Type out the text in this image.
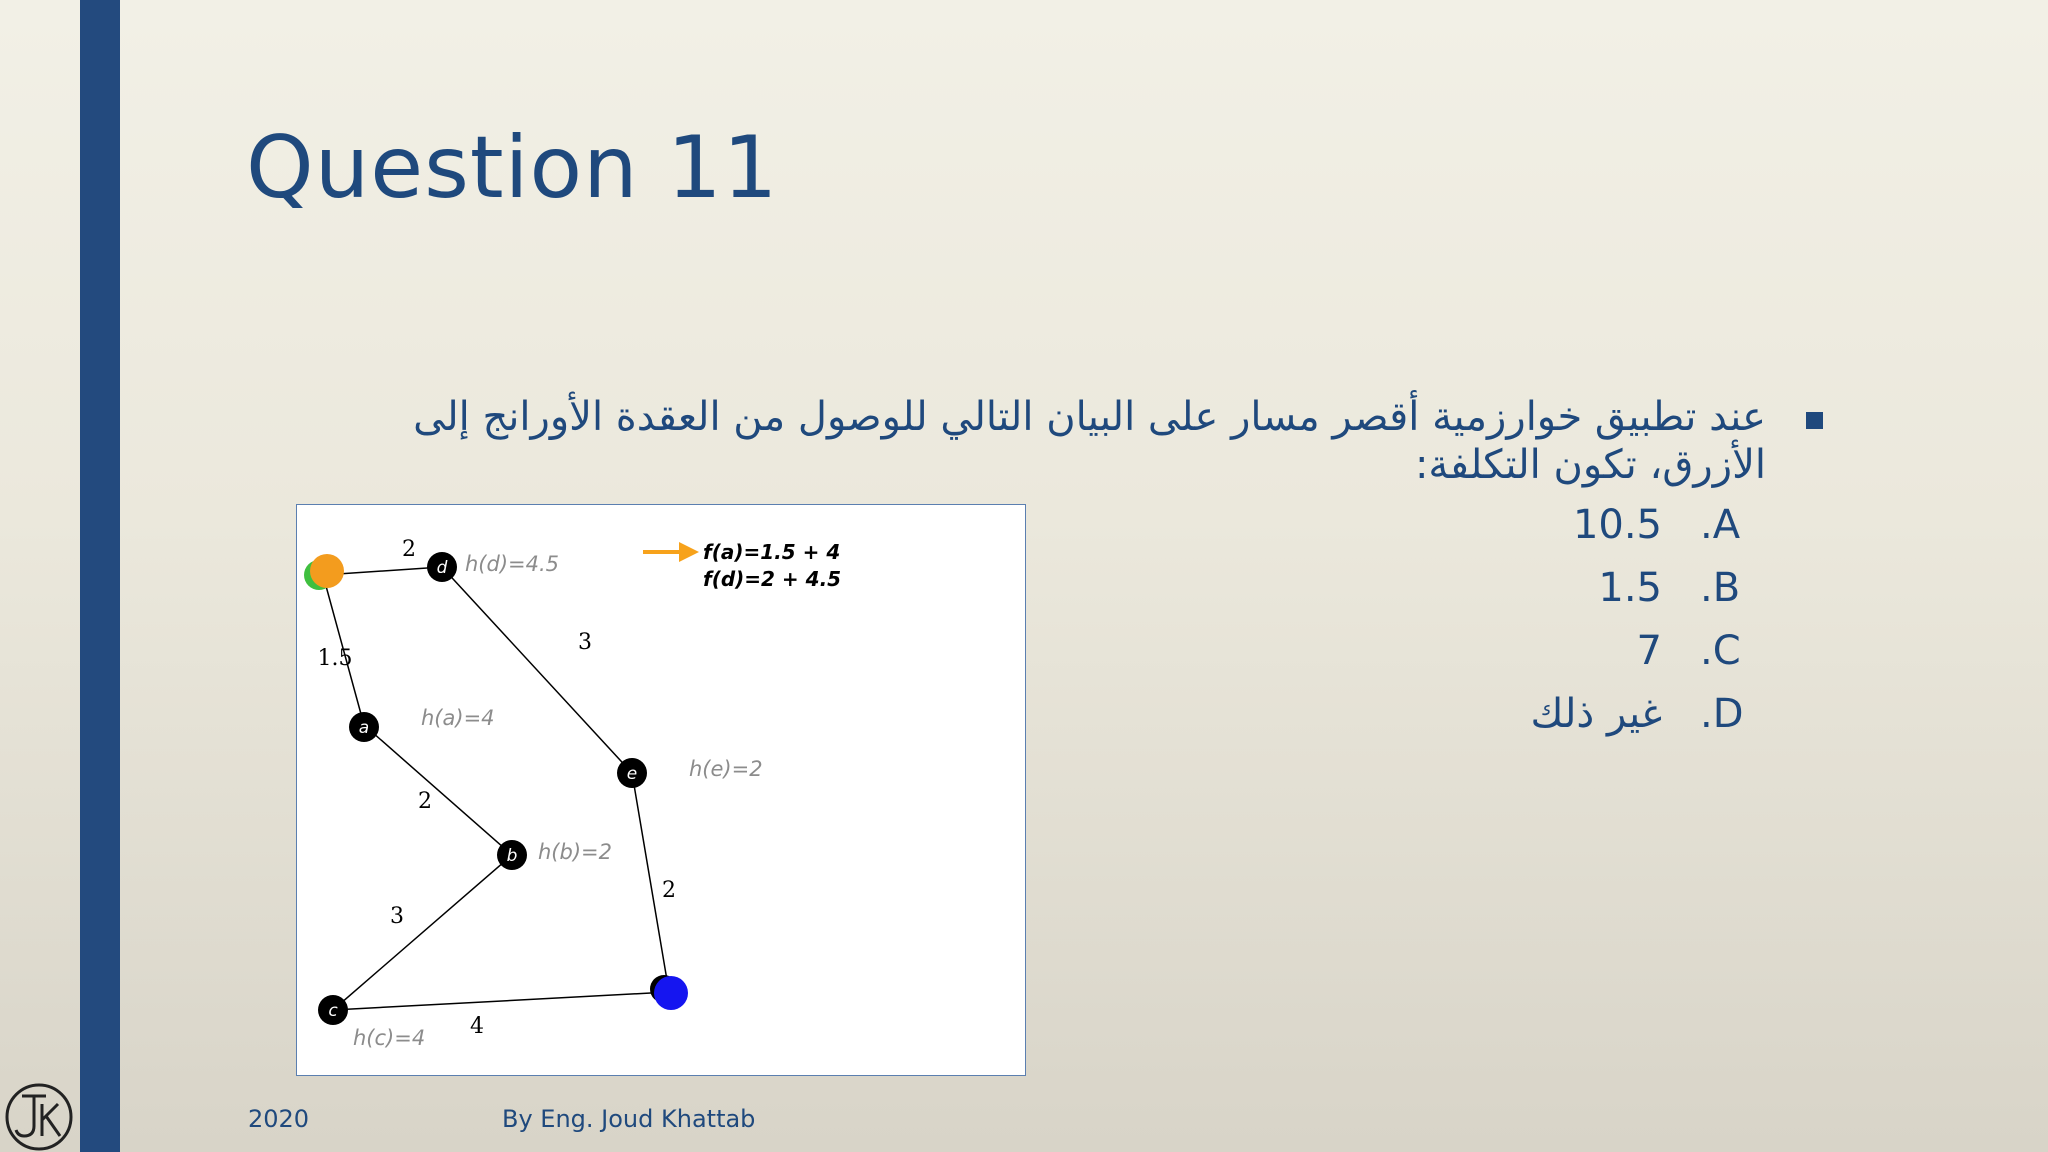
Question 11
عند تطبيق خوارزمية أقصر مسار على البيان التالي للوصول من العقدة الأورانج إلى الأزرق، تكون التكلفة:
10.5 .A
1.5 .B
7 .C
غير ذلك .D
d
a
b
c
e
h(d)=4.5
h(a)=4
h(e)=2
h(b)=2
h(c)=4
2
1.5
3
2
3
2
4
f(a)=1.5 + 4
f(d)=2 + 4.5
2020	By Eng. Joud Khattab
